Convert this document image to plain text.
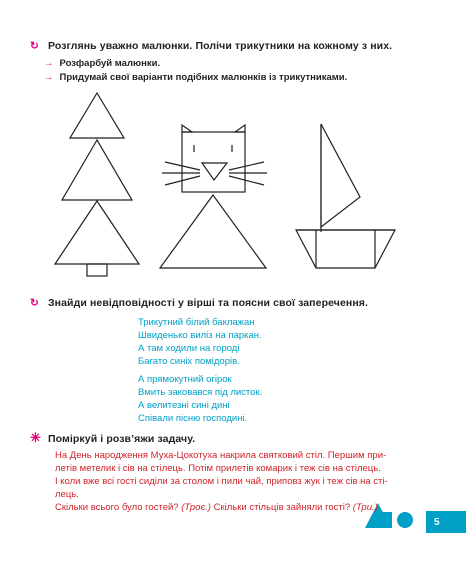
↻ Розглянь уважно малюнки. Полічи трикутники на кожному з них.
→ Розфарбуй малюнки.
→ Придумай свої варіанти подібних малюнків із трикутниками.
↻ Знайди невідповідності у вірші та поясни свої заперечення.
Трикутний білий баклажан
Швиденько виліз на паркан.
А там ходили на городі
Багато синіх помідорів.
А прямокутний огірок
Вмить заковався під листок.
А велитезні сині дині
Співали пісню господині.
✳ Поміркуй і розв’яжи задачу.
На День народження Муха-Цокотуха накрила святковий стіл. Першим при-
летів метелик і сів на стілець. Потім прилетів комарик і теж сів на стілець.
І коли вже всі гості сиділи за столом і пили чай, приповз жук і теж сів на сті-
лець.
Скільки всього було гостей? (Троє.) Скільки стільців зайняли гості? (Три.)
5
